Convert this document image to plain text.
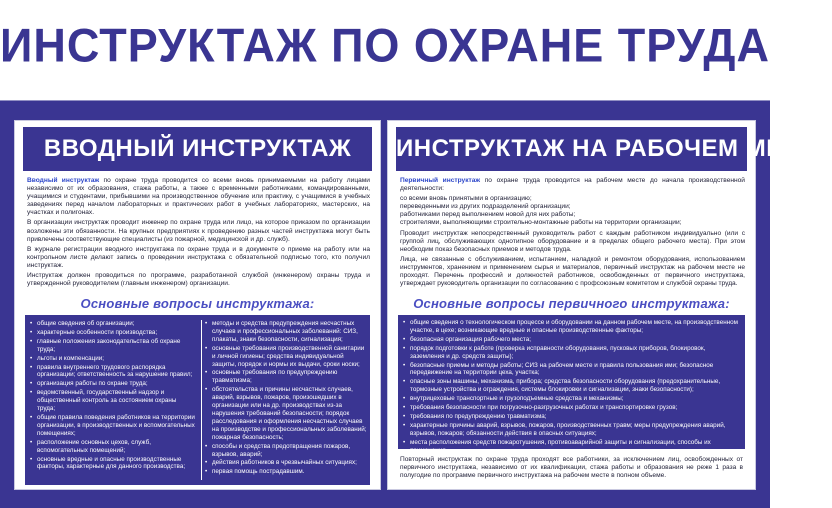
ИНСТРУКТАЖ ПО ОХРАНЕ ТРУДА
ВВОДНЫЙ ИНСТРУКТАЖ

Вводный инструктаж по охране труда проводится со всеми вновь принимаемыми на работу лицами независимо от их образования, стажа работы, а также с временными работниками, командированными, учащимися и студентами, прибывшими на производственное обучение или практику, с учащимися в учебных заведениях перед началом лабораторных и практических работ в учебных лабораториях, мастерских, на участках и полигонах.

В организации инструктаж проводит инженер по охране труда или лицо, на которое приказом по организации возложены эти обязанности. На крупных предприятиях к проведению разных частей инструктажа могут быть привлечены соответствующие специалисты (из пожарной, медицинской и др. служб).

В журнале регистрации вводного инструктажа по охране труда и в документе о приеме на работу или на контрольном листе делают запись о проведении инструктажа с обязательной подписью того, кто получил инструктаж.

Инструктаж должен проводиться по программе, разработанной службой (инженером) охраны труда и утвержденной руководителем (главным инженером) организации.

Основные вопросы инструктажа:
• общие сведения об организации;
• характерные особенности производства;
• главные положения законодательства об охране труда;
• льготы и компенсации;
• правила внутреннего трудового распорядка организации; ответственность за нарушение правил;
• организация работы по охране труда;
• ведомственный, государственный надзор и общественный контроль за состоянием охраны труда;
• общие правила поведения работников на территории организации, в производственных и вспомогательных помещениях;
• расположение основных цехов, служб, вспомогательных помещений;
• основные вредные и опасные производственные факторы, характерные для данного производства;
• методы и средства предупреждения несчастных случаев и профессиональных заболеваний: СИЗ, плакаты, знаки безопасности, сигнализация;
• основные требования производственной санитарии и личной гигиены; средства индивидуальной защиты, порядок и нормы их выдачи, сроки носки;
• основные требования по предупреждению травматизма;
• обстоятельства и причины несчастных случаев, аварий, взрывов, пожаров, произошедших в организации или на др. производствах из-за нарушения требований безопасности; порядок расследования и оформления несчастных случаев на производстве и профессиональных заболеваний; пожарная безопасность;
• способы и средства предотвращения пожаров, взрывов, аварий;
• действия работников в чрезвычайных ситуациях;
• первая помощь пострадавшим.
ИНСТРУКТАЖ НА РАБОЧЕМ МЕСТЕ

Первичный инструктаж по охране труда проводится на рабочем месте до начала производственной деятельности:

со всеми вновь принятыми в организацию;
переведенными из других подразделений организации;
работниками перед выполнением новой для них работы;
строителями, выполняющими строительно-монтажные работы на территории организации;

Проводит инструктаж непосредственный руководитель работ с каждым работником индивидуально (или с группой лиц, обслуживающих однотипное оборудование и в пределах общего рабочего места). При этом необходим показ безопасных приемов и методов труда.

Лица, не связанные с обслуживанием, испытанием, наладкой и ремонтом оборудования, использованием инструментов, хранением и применением сырья и материалов, первичный инструктаж на рабочем месте не проходят. Перечень профессий и должностей работников, освобожденных от первичного инструктажа, утверждает руководитель организации по согласованию с профсоюзным комитетом и службой охраны труда.

Основные вопросы первичного инструктажа:
• общие сведения о технологическом процессе и оборудовании на данном рабочем месте, на производственном участке, в цехе; возникающие вредные и опасные производственные факторы;
• безопасная организация рабочего места;
• порядок подготовки к работе (проверка исправности оборудования, пусковых приборов, блокировок, заземления и др. средств защиты);
• безопасные приемы и методы работы; СИЗ на рабочем месте и правила пользования ими; безопасное передвижение на территории цеха, участка;
• опасные зоны машины, механизма, прибора; средства безопасности оборудования (предохранительные, тормозные устройства и ограждения, системы блокировки и сигнализации, знаки безопасности);
• внутрицеховые транспортные и грузоподъемные средства и механизмы;
• требования безопасности при погрузочно-разгрузочных работах и транспортировке грузов;
• требования по предупреждению травматизма;
• характерные причины аварий, взрывов, пожаров, производственных травм; меры предупреждения аварий, взрывов, пожаров; обязанности действия в опасных ситуациях;
• места расположения средств пожаротушения, противоаварийной защиты и сигнализации, способы их применения.
Повторный инструктаж по охране труда проходят все работники, за исключением лиц, освобожденных от первичного инструктажа, независимо от их квалификации, стажа работы и образования не реже 1 раза в полугодие по программе первичного инструктажа на рабочем месте в полном объеме.
